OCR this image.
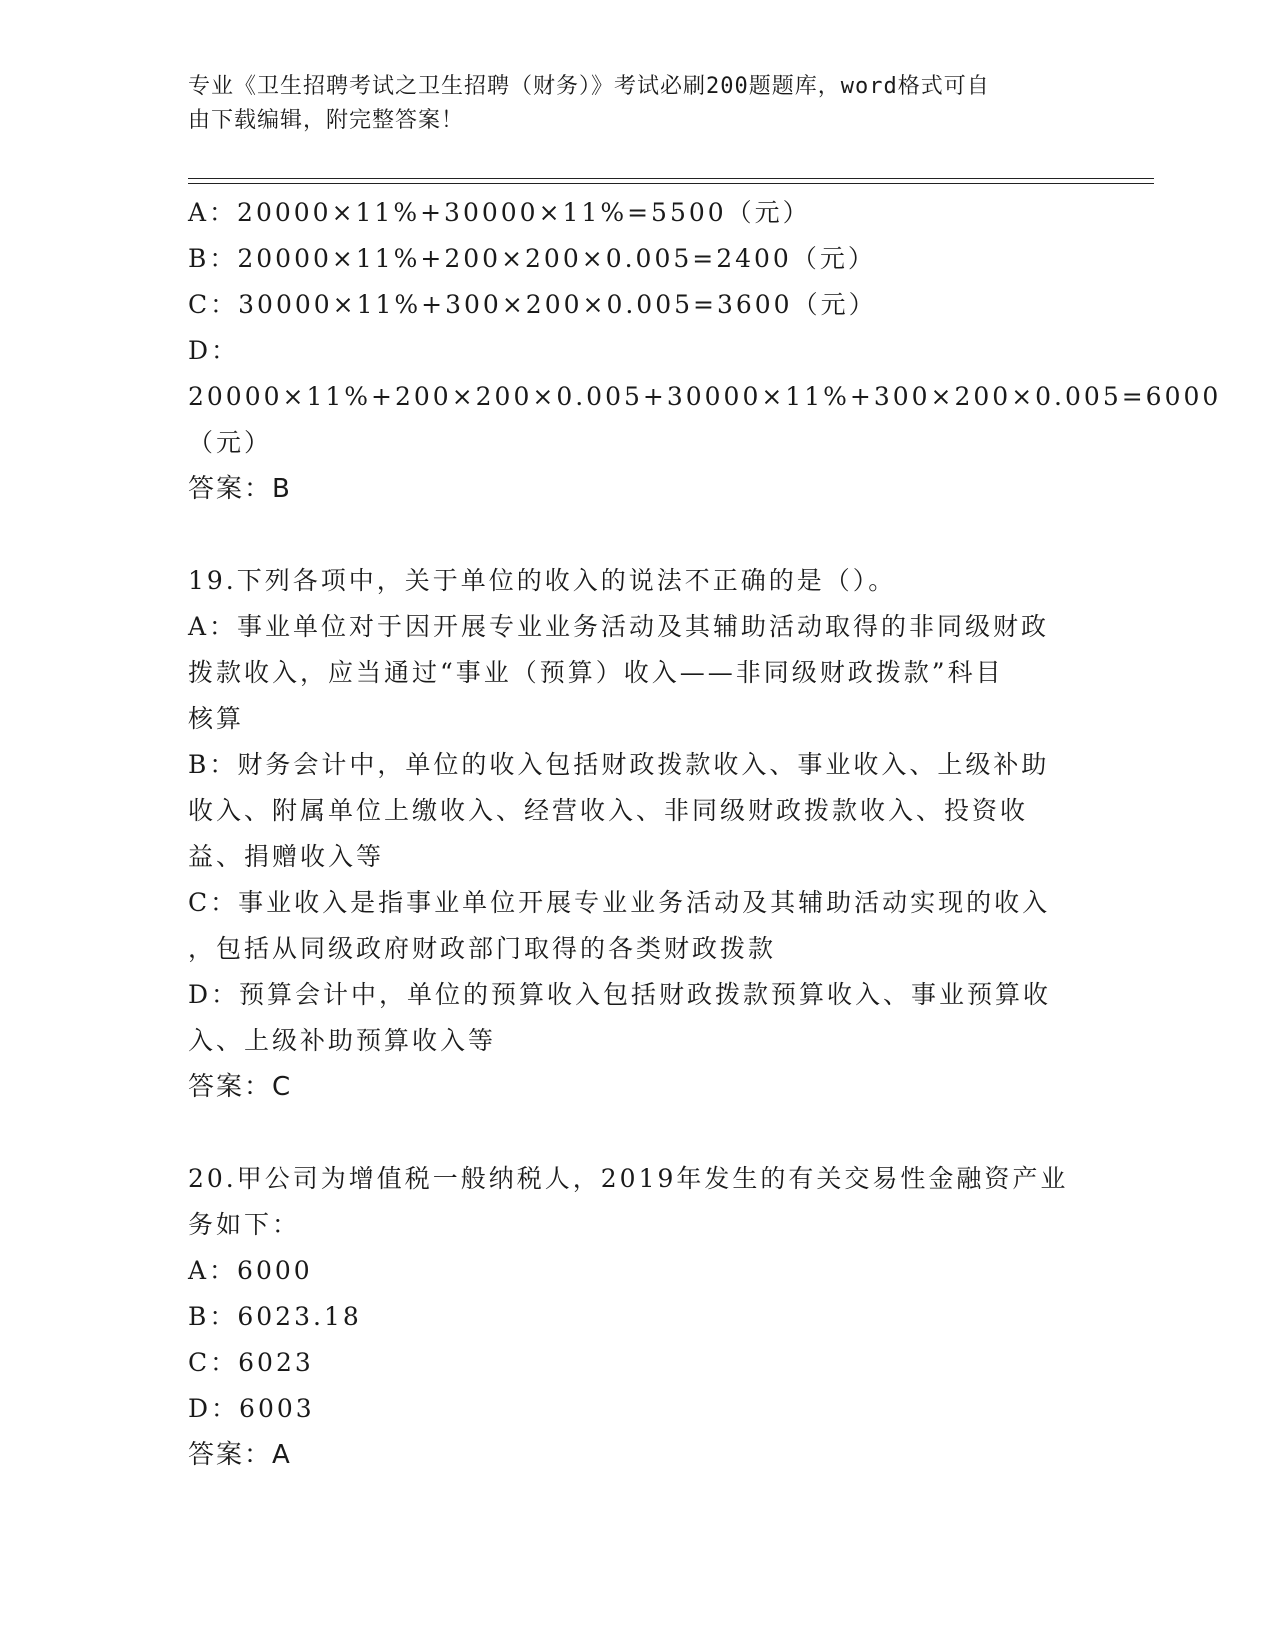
专业《卫生招聘考试之卫生招聘（财务）》考试必刷200题题库，word格式可自
由下载编辑，附完整答案！
A：20000×11%+30000×11%=5500（元）
B：20000×11%+200×200×0.005=2400（元）
C：30000×11%+300×200×0.005=3600（元）
D：20000×11%+200×200×0.005+30000×11%+300×200×0.005=6000
（元）
答案：B
19.下列各项中，关于单位的收入的说法不正确的是（）。
A：事业单位对于因开展专业业务活动及其辅助活动取得的非同级财政
拨款收入，应当通过“事业（预算）收入——非同级财政拨款”科目
核算
B：财务会计中，单位的收入包括财政拨款收入、事业收入、上级补助
收入、附属单位上缴收入、经营收入、非同级财政拨款收入、投资收
益、捐赠收入等
C：事业收入是指事业单位开展专业业务活动及其辅助活动实现的收入
，包括从同级政府财政部门取得的各类财政拨款
D：预算会计中，单位的预算收入包括财政拨款预算收入、事业预算收
入、上级补助预算收入等
答案：C
20.甲公司为增值税一般纳税人，2019年发生的有关交易性金融资产业
务如下：
A：6000
B：6023.18
C：6023
D：6003
答案：A
